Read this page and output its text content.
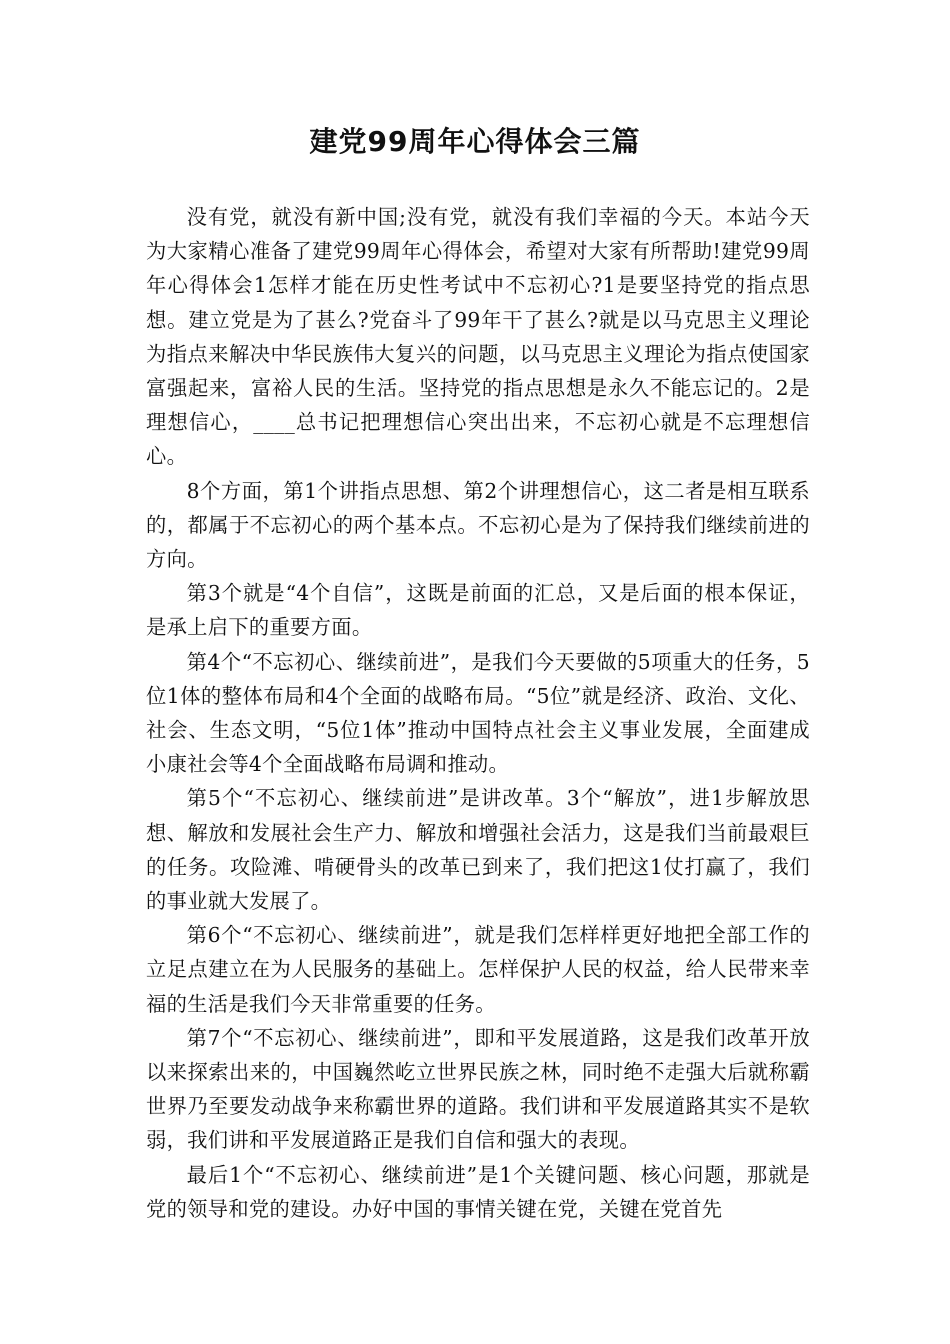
建党99周年心得体会三篇

没有党，就没有新中国;没有党，就没有我们幸福的今天。本站今天为大家精心准备了建党99周年心得体会，希望对大家有所帮助!建党99周年心得体会1怎样才能在历史性考试中不忘初心?1是要坚持党的指点思想。建立党是为了甚么?党奋斗了99年干了甚么?就是以马克思主义理论为指点来解决中华民族伟大复兴的问题，以马克思主义理论为指点使国家富强起来，富裕人民的生活。坚持党的指点思想是永久不能忘记的。2是理想信心，____总书记把理想信心突出出来，不忘初心就是不忘理想信心。

8个方面，第1个讲指点思想、第2个讲理想信心，这二者是相互联系的，都属于不忘初心的两个基本点。不忘初心是为了保持我们继续前进的方向。

第3个就是“4个自信”，这既是前面的汇总，又是后面的根本保证，是承上启下的重要方面。

第4个“不忘初心、继续前进”，是我们今天要做的5项重大的任务，5位1体的整体布局和4个全面的战略布局。“5位”就是经济、政治、文化、社会、生态文明，“5位1体”推动中国特点社会主义事业发展，全面建成小康社会等4个全面战略布局调和推动。

第5个“不忘初心、继续前进”是讲改革。3个“解放”，进1步解放思想、解放和发展社会生产力、解放和增强社会活力，这是我们当前最艰巨的任务。攻险滩、啃硬骨头的改革已到来了，我们把这1仗打赢了，我们的事业就大发展了。

第6个“不忘初心、继续前进”，就是我们怎样样更好地把全部工作的立足点建立在为人民服务的基础上。怎样保护人民的权益，给人民带来幸福的生活是我们今天非常重要的任务。

第7个“不忘初心、继续前进”，即和平发展道路，这是我们改革开放以来探索出来的，中国巍然屹立世界民族之林，同时绝不走强大后就称霸世界乃至要发动战争来称霸世界的道路。我们讲和平发展道路其实不是软弱，我们讲和平发展道路正是我们自信和强大的表现。

最后1个“不忘初心、继续前进”是1个关键问题、核心问题，那就是党的领导和党的建设。办好中国的事情关键在党，关键在党首先
